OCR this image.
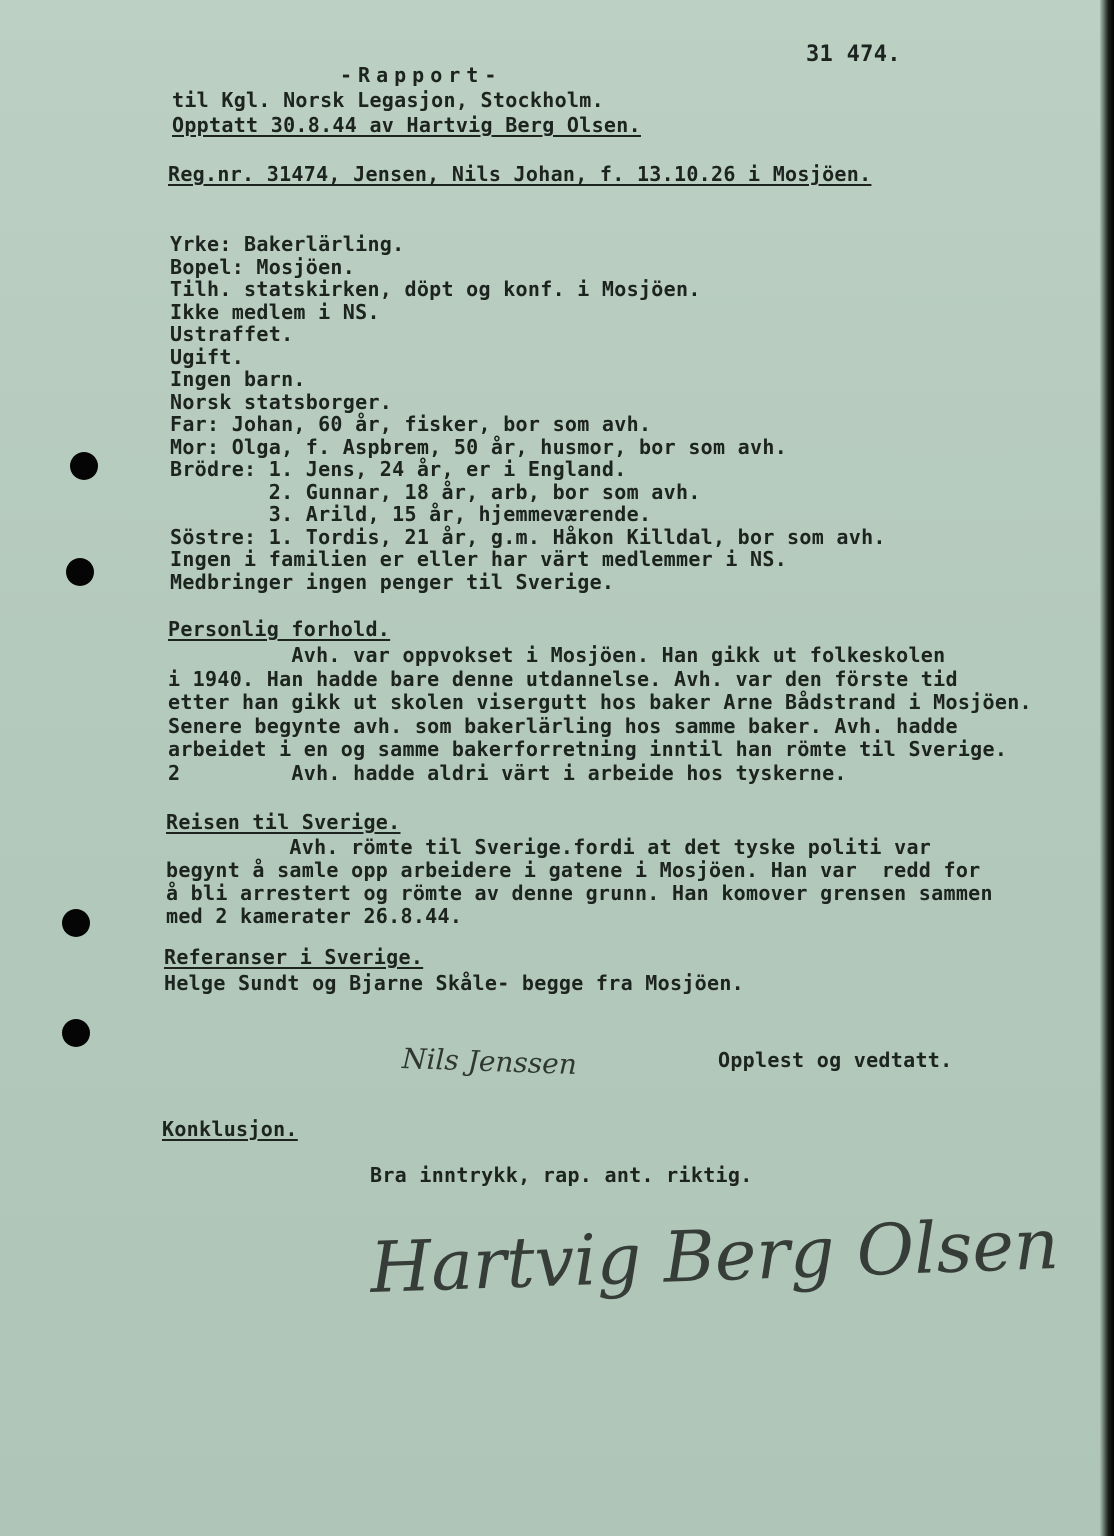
31 474.
-Rapport-
til Kgl. Norsk Legasjon, Stockholm.
Opptatt 30.8.44 av Hartvig Berg Olsen.
Reg.nr. 31474, Jensen, Nils Johan, f. 13.10.26 i Mosjöen.
Yrke: Bakerlärling.
Bopel: Mosjöen.
Tilh. statskirken, döpt og konf. i Mosjöen.
Ikke medlem i NS.
Ustraffet.
Ugift.
Ingen barn.
Norsk statsborger.
Far: Johan, 60 år, fisker, bor som avh.
Mor: Olga, f. Aspbrem, 50 år, husmor, bor som avh.
Brödre: 1. Jens, 24 år, er i England.
2. Gunnar, 18 år, arb, bor som avh.
3. Arild, 15 år, hjemmeværende.
Söstre: 1. Tordis, 21 år, g.m. Håkon Killdal, bor som avh.
Ingen i familien er eller har värt medlemmer i NS.
Medbringer ingen penger til Sverige.
Personlig forhold.
Avh. var oppvokset i Mosjöen. Han gikk ut folkeskolen
i 1940. Han hadde bare denne utdannelse. Avh. var den förste tid
etter han gikk ut skolen visergutt hos baker Arne Bådstrand i Mosjöen.
Senere begynte avh. som bakerlärling hos samme baker. Avh. hadde
arbeidet i en og samme bakerforretning inntil han römte til Sverige.
2         Avh. hadde aldri värt i arbeide hos tyskerne.
Reisen til Sverige.
Avh. römte til Sverige.fordi at det tyske politi var
begynt å samle opp arbeidere i gatene i Mosjöen. Han var  redd for
å bli arrestert og römte av denne grunn. Han komover grensen sammen
med 2 kamerater 26.8.44.
Referanser i Sverige.
Helge Sundt og Bjarne Skåle- begge fra Mosjöen.
Nils Jenssen	Opplest og vedtatt.
Konklusjon.
Bra inntrykk, rap. ant. riktig.
Hartvig Berg Olsen
